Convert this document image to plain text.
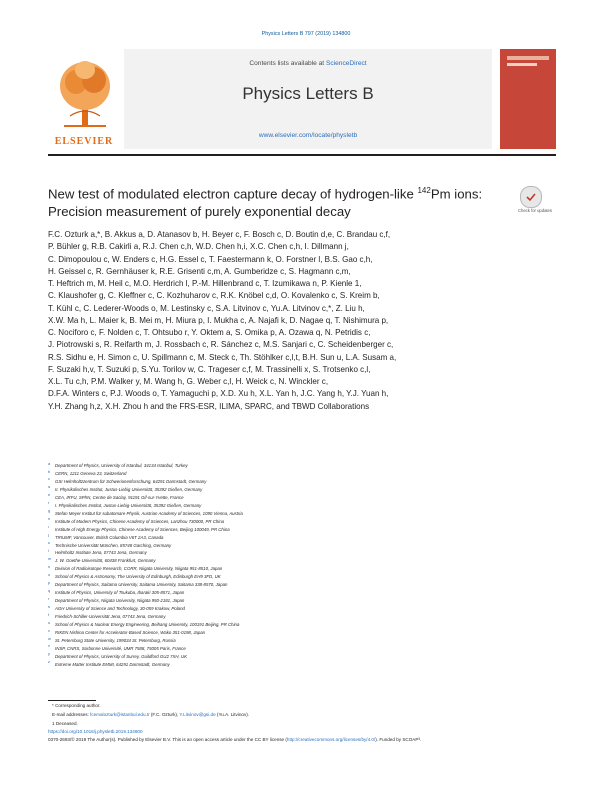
Physics Letters B 797 (2019) 134800
ELSEVIER
Contents lists available at ScienceDirect
Physics Letters B
www.elsevier.com/locate/physletb
New test of modulated electron capture decay of hydrogen-like $^{142}$Pm ions: Precision measurement of purely exponential decay	Check for updates
F.C. Ozturk a,*, B. Akkus a, D. Atanasov b, H. Beyer c, F. Bosch c, D. Boutin d,e, C. Brandau c,f,
P. Bühler g, R.B. Cakirli a, R.J. Chen c,h, W.D. Chen h,i, X.C. Chen c,h, I. Dillmann j,
C. Dimopoulou c, W. Enders c, H.G. Essel c, T. Faestermann k, O. Forstner l, B.S. Gao c,h,
H. Geissel c, R. Gernhäuser k, R.E. Grisenti c,m, A. Gumberidze c, S. Hagmann c,m,
T. Heftrich m, M. Heil c, M.O. Herdrich l, P.-M. Hillenbrand c, T. Izumikawa n, P. Kienle 1,
C. Klaushofer g, C. Kleffner c, C. Kozhuharov c, R.K. Knöbel c,d, O. Kovalenko c, S. Kreim b,
T. Kühl c, C. Lederer-Woods o, M. Lestinsky c, S.A. Litvinov c, Yu.A. Litvinov c,*, Z. Liu h,
X.W. Ma h, L. Maier k, B. Mei m, H. Miura p, I. Mukha c, A. Najafi k, D. Nagae q, T. Nishimura p,
C. Nociforo c, F. Nolden c, T. Ohtsubo r, Y. Oktem a, S. Omika p, A. Ozawa q, N. Petridis c,
J. Piotrowski s, R. Reifarth m, J. Rossbach c, R. Sánchez c, M.S. Sanjari c, C. Scheidenberger c,
R.S. Sidhu e, H. Simon c, U. Spillmann c, M. Steck c, Th. Stöhlker c,l,t, B.H. Sun u, L.A. Susam a,
F. Suzaki h,v, T. Suzuki p, S.Yu. Torilov w, C. Trageser c,f, M. Trassinelli x, S. Trotsenko c,l,
X.L. Tu c,h, P.M. Walker y, M. Wang h, G. Weber c,l, H. Weick c, N. Winckler c,
D.F.A. Winters c, P.J. Woods o, T. Yamaguchi p, X.D. Xu h, X.L. Yan h, J.C. Yang h, Y.J. Yuan h,
Y.H. Zhang h,z, X.H. Zhou h and the FRS-ESR, ILIMA, SPARC, and TBWD Collaborations
a Department of Physics, University of Istanbul, 34134 Istanbul, Turkey
b CERN, 1211 Geneva 23, Switzerland
c GSI Helmholtzzentrum für Schwerionenforschung, 64291 Darmstadt, Germany
d II. Physikalisches Institut, Justus-Liebig Universität, 35392 Gießen, Germany
e CEA, IRFU, SPhN, Centre de Saclay, 91191 Gif-sur-Yvette, France
f I. Physikalisches Institut, Justus-Liebig-Universität, 35392 Gießen, Germany
g Stefan Meyer Institut für subatomare Physik, Austrian Academy of Sciences, 1090 Vienna, Austria
h Institute of Modern Physics, Chinese Academy of Sciences, Lanzhou 730000, PR China
i Institute of High Energy Physics, Chinese Academy of Sciences, Beijing 100049, PR China
j TRIUMF, Vancouver, British Columbia V6T 2A3, Canada
k Technische Universität München, 85748 Garching, Germany
l Helmholtz Institute Jena, 07743 Jena, Germany
m J. W. Goethe-Universität, 60438 Frankfurt, Germany
n Division of Radioisotope Research, CORR, Niigata University, Niigata 951-8510, Japan
o School of Physics & Astronomy, The University of Edinburgh, Edinburgh EH9 3FD, UK
p Department of Physics, Saitama University, Saitama University, Saitama 338-8570, Japan
q Institute of Physics, University of Tsukuba, Ibaraki 305-8571, Japan
r Department of Physics, Niigata University, Niigata 950-2181, Japan
s AGH University of Science and Technology, 30-059 Krakow, Poland
t Friedrich-Schiller-Universität Jena, 07743 Jena, Germany
u School of Physics & Nuclear Energy Engineering, Beihang University, 100191 Beijing, PR China
v RIKEN Nishina Center for Accelerator-Based Science, Wako 351-0198, Japan
w St. Petersburg State University, 199034 St. Petersburg, Russia
x INSP, CNRS, Sorbonne Université, UMR 7588, 75005 Paris, France
y Department of Physics, University of Surrey, Guildford GU2 7XH, UK
z Extreme Matter Institute EMMI, 64291 Darmstadt, Germany
* Corresponding author.
E-mail addresses: fcemalozturk@istanbul.edu.tr (F.C. Ozturk), Y.Litvinov@gsi.de (Yu.A. Litvinov).
1 Deceased.
https://doi.org/10.1016/j.physletb.2019.134800
0370-2693/© 2019 The Author(s). Published by Elsevier B.V. This is an open access article under the CC BY license (http://creativecommons.org/licenses/by/4.0/). Funded by SCOAP³.
